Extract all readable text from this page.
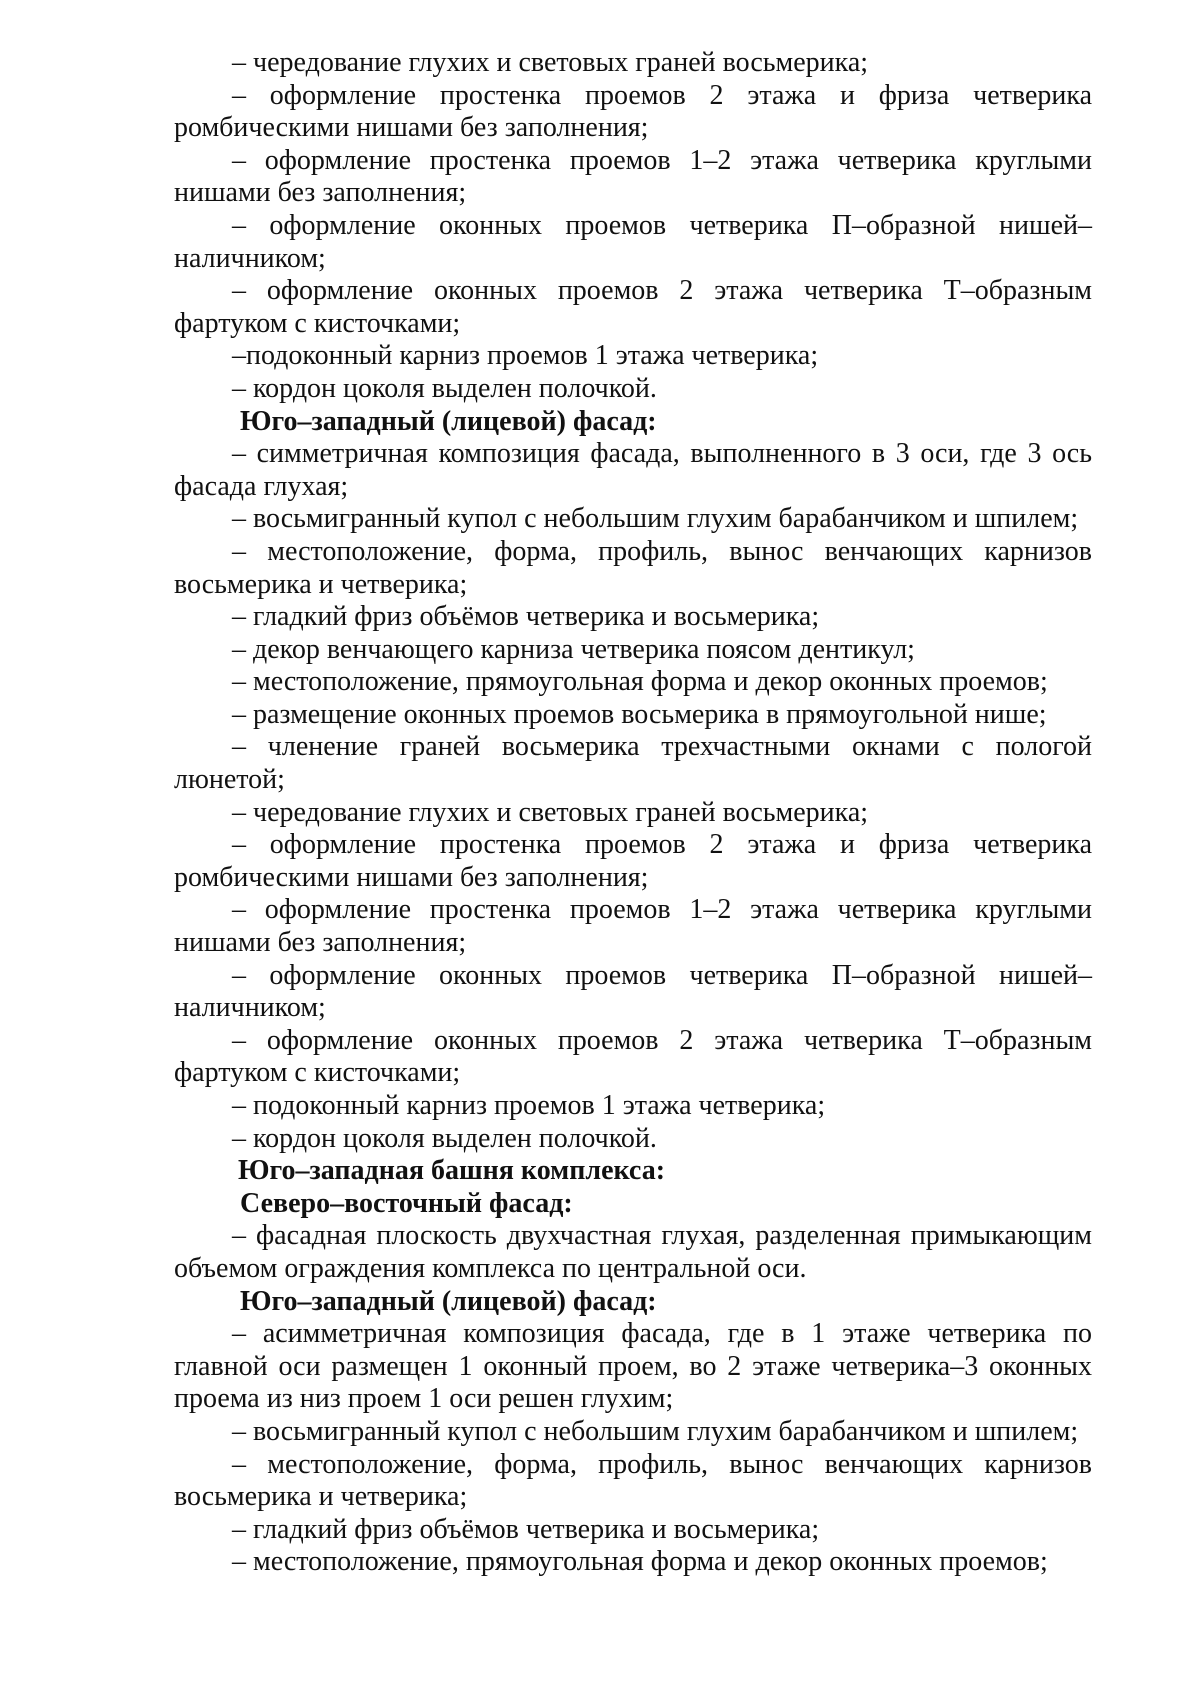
– чередование глухих и световых граней восьмерика;

– оформление простенка проемов 2 этажа и фриза четверика ромбическими нишами без заполнения;

– оформление простенка проемов 1–2 этажа четверика круглыми нишами без заполнения;

– оформление оконных проемов четверика П–образной нишей–наличником;

– оформление оконных проемов 2 этажа четверика Т–образным фартуком с кисточками;

–подоконный карниз проемов 1 этажа четверика;

– кордон цоколя выделен полочкой.

Юго–западный (лицевой) фасад:

– симметричная композиция фасада, выполненного в 3 оси, где 3 ось фасада глухая;

– восьмигранный купол с небольшим глухим барабанчиком и шпилем;

– местоположение, форма, профиль, вынос венчающих карнизов восьмерика и четверика;

– гладкий фриз объёмов четверика и восьмерика;

– декор венчающего карниза четверика поясом дентикул;

– местоположение, прямоугольная форма и декор оконных проемов;

– размещение оконных проемов восьмерика в прямоугольной нише;

– членение граней восьмерика трехчастными окнами с пологой люнетой;

– чередование глухих и световых граней восьмерика;

– оформление простенка проемов 2 этажа и фриза четверика ромбическими нишами без заполнения;

– оформление простенка проемов 1–2 этажа четверика круглыми нишами без заполнения;

– оформление оконных проемов четверика П–образной нишей–наличником;

– оформление оконных проемов 2 этажа четверика Т–образным фартуком с кисточками;

– подоконный карниз проемов 1 этажа четверика;

– кордон цоколя выделен полочкой.

Юго–западная башня комплекса:

Северо–восточный фасад:

– фасадная плоскость двухчастная глухая, разделенная примыкающим объемом ограждения комплекса по центральной оси.

Юго–западный (лицевой) фасад:

– асимметричная композиция фасада, где в 1 этаже четверика по главной оси размещен 1 оконный проем, во 2 этаже четверика–3 оконных проема из низ проем 1 оси решен глухим;

– восьмигранный купол с небольшим глухим барабанчиком и шпилем;

– местоположение, форма, профиль, вынос венчающих карнизов восьмерика и четверика;

– гладкий фриз объёмов четверика и восьмерика;

– местоположение, прямоугольная форма и декор оконных проемов;
